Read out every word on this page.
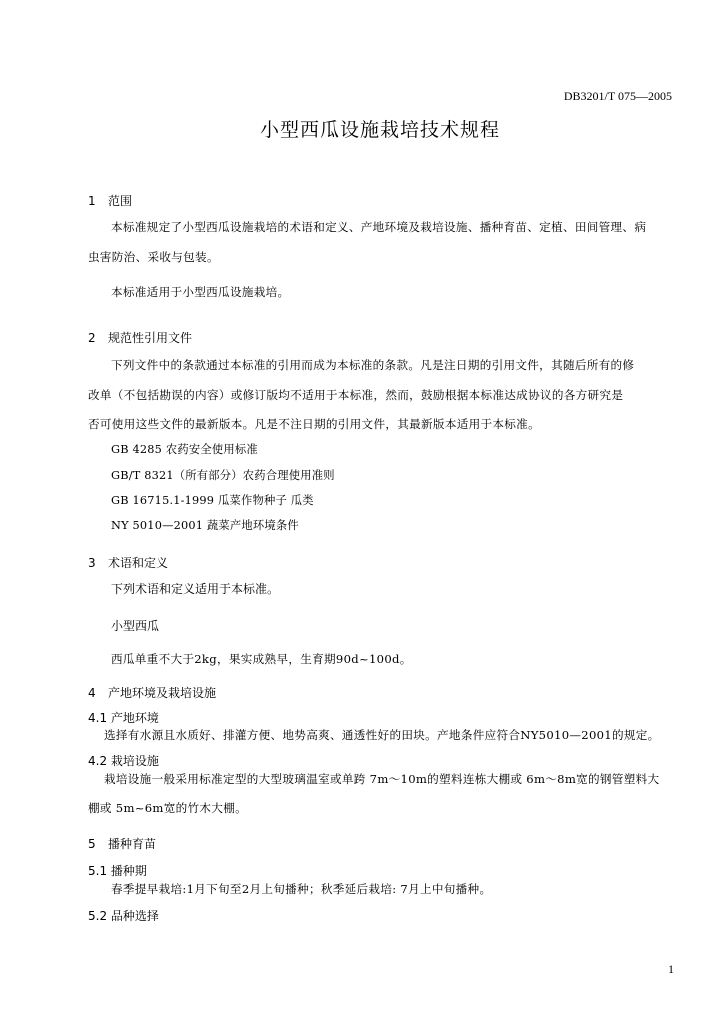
DB3201/T 075—2005
小型西瓜设施栽培技术规程
1 范围
本标准规定了小型西瓜设施栽培的术语和定义、产地环境及栽培设施、播种育苗、定植、田间管理、病
虫害防治、采收与包装。
本标准适用于小型西瓜设施栽培。
2 规范性引用文件
下列文件中的条款通过本标准的引用而成为本标准的条款。凡是注日期的引用文件，其随后所有的修
改单（不包括勘误的内容）或修订版均不适用于本标准，然而，鼓励根据本标准达成协议的各方研究是
否可使用这些文件的最新版本。凡是不注日期的引用文件，其最新版本适用于本标准。
GB 4285 农药安全使用标准
GB/T 8321（所有部分）农药合理使用准则
GB 16715.1-1999 瓜菜作物种子 瓜类
NY 5010—2001 蔬菜产地环境条件
3 术语和定义
下列术语和定义适用于本标准。
小型西瓜
西瓜单重不大于2kg，果实成熟早，生育期90d~100d。
4 产地环境及栽培设施
4.1 产地环境
选择有水源且水质好、排灌方便、地势高爽、通透性好的田块。产地条件应符合NY5010—2001的规定。
4.2 栽培设施
栽培设施一般采用标准定型的大型玻璃温室或单跨 7m～10m的塑料连栋大棚或 6m～8m宽的钢管塑料大
棚或 5m~6m宽的竹木大棚。
5 播种育苗
5.1 播种期
春季提早栽培:1月下旬至2月上旬播种；秋季延后栽培: 7月上中旬播种。
5.2 品种选择
1
